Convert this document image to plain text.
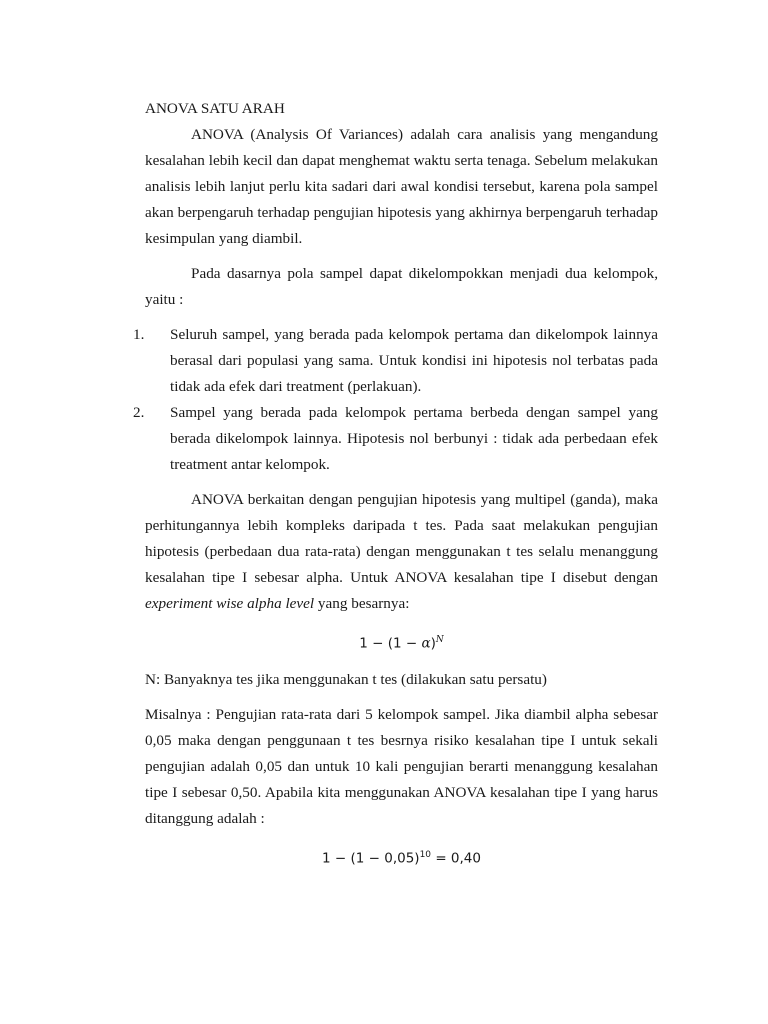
ANOVA SATU ARAH

ANOVA (Analysis Of Variances) adalah cara analisis yang mengandung kesalahan lebih kecil dan dapat menghemat waktu serta tenaga. Sebelum melakukan analisis lebih lanjut perlu kita sadari dari awal kondisi tersebut, karena pola sampel akan berpengaruh terhadap pengujian hipotesis yang akhirnya berpengaruh terhadap kesimpulan yang diambil.

Pada dasarnya pola sampel dapat dikelompokkan menjadi dua kelompok, yaitu :

1. Seluruh sampel, yang berada pada kelompok pertama dan dikelompok lainnya berasal dari populasi yang sama. Untuk kondisi ini hipotesis nol terbatas pada tidak ada efek dari treatment (perlakuan).
2. Sampel yang berada pada kelompok pertama berbeda dengan sampel yang berada dikelompok lainnya. Hipotesis nol berbunyi : tidak ada perbedaan efek treatment antar kelompok.

ANOVA berkaitan dengan pengujian hipotesis yang multipel (ganda), maka perhitungannya lebih kompleks daripada t tes. Pada saat melakukan pengujian hipotesis (perbedaan dua rata-rata) dengan menggunakan t tes selalu menanggung kesalahan tipe I sebesar alpha. Untuk ANOVA kesalahan tipe I disebut dengan experiment wise alpha level yang besarnya:

$1 - (1 - \alpha)^N$

N: Banyaknya tes jika menggunakan t tes (dilakukan satu persatu)

Misalnya : Pengujian rata-rata dari 5 kelompok sampel. Jika diambil alpha sebesar 0,05 maka dengan penggunaan t tes besrnya risiko kesalahan tipe I untuk sekali pengujian adalah 0,05 dan untuk 10 kali pengujian berarti menanggung kesalahan tipe I sebesar 0,50. Apabila kita menggunakan ANOVA kesalahan tipe I yang harus ditanggung adalah :

$1 - (1 - 0,05)^{10} = 0,40$
